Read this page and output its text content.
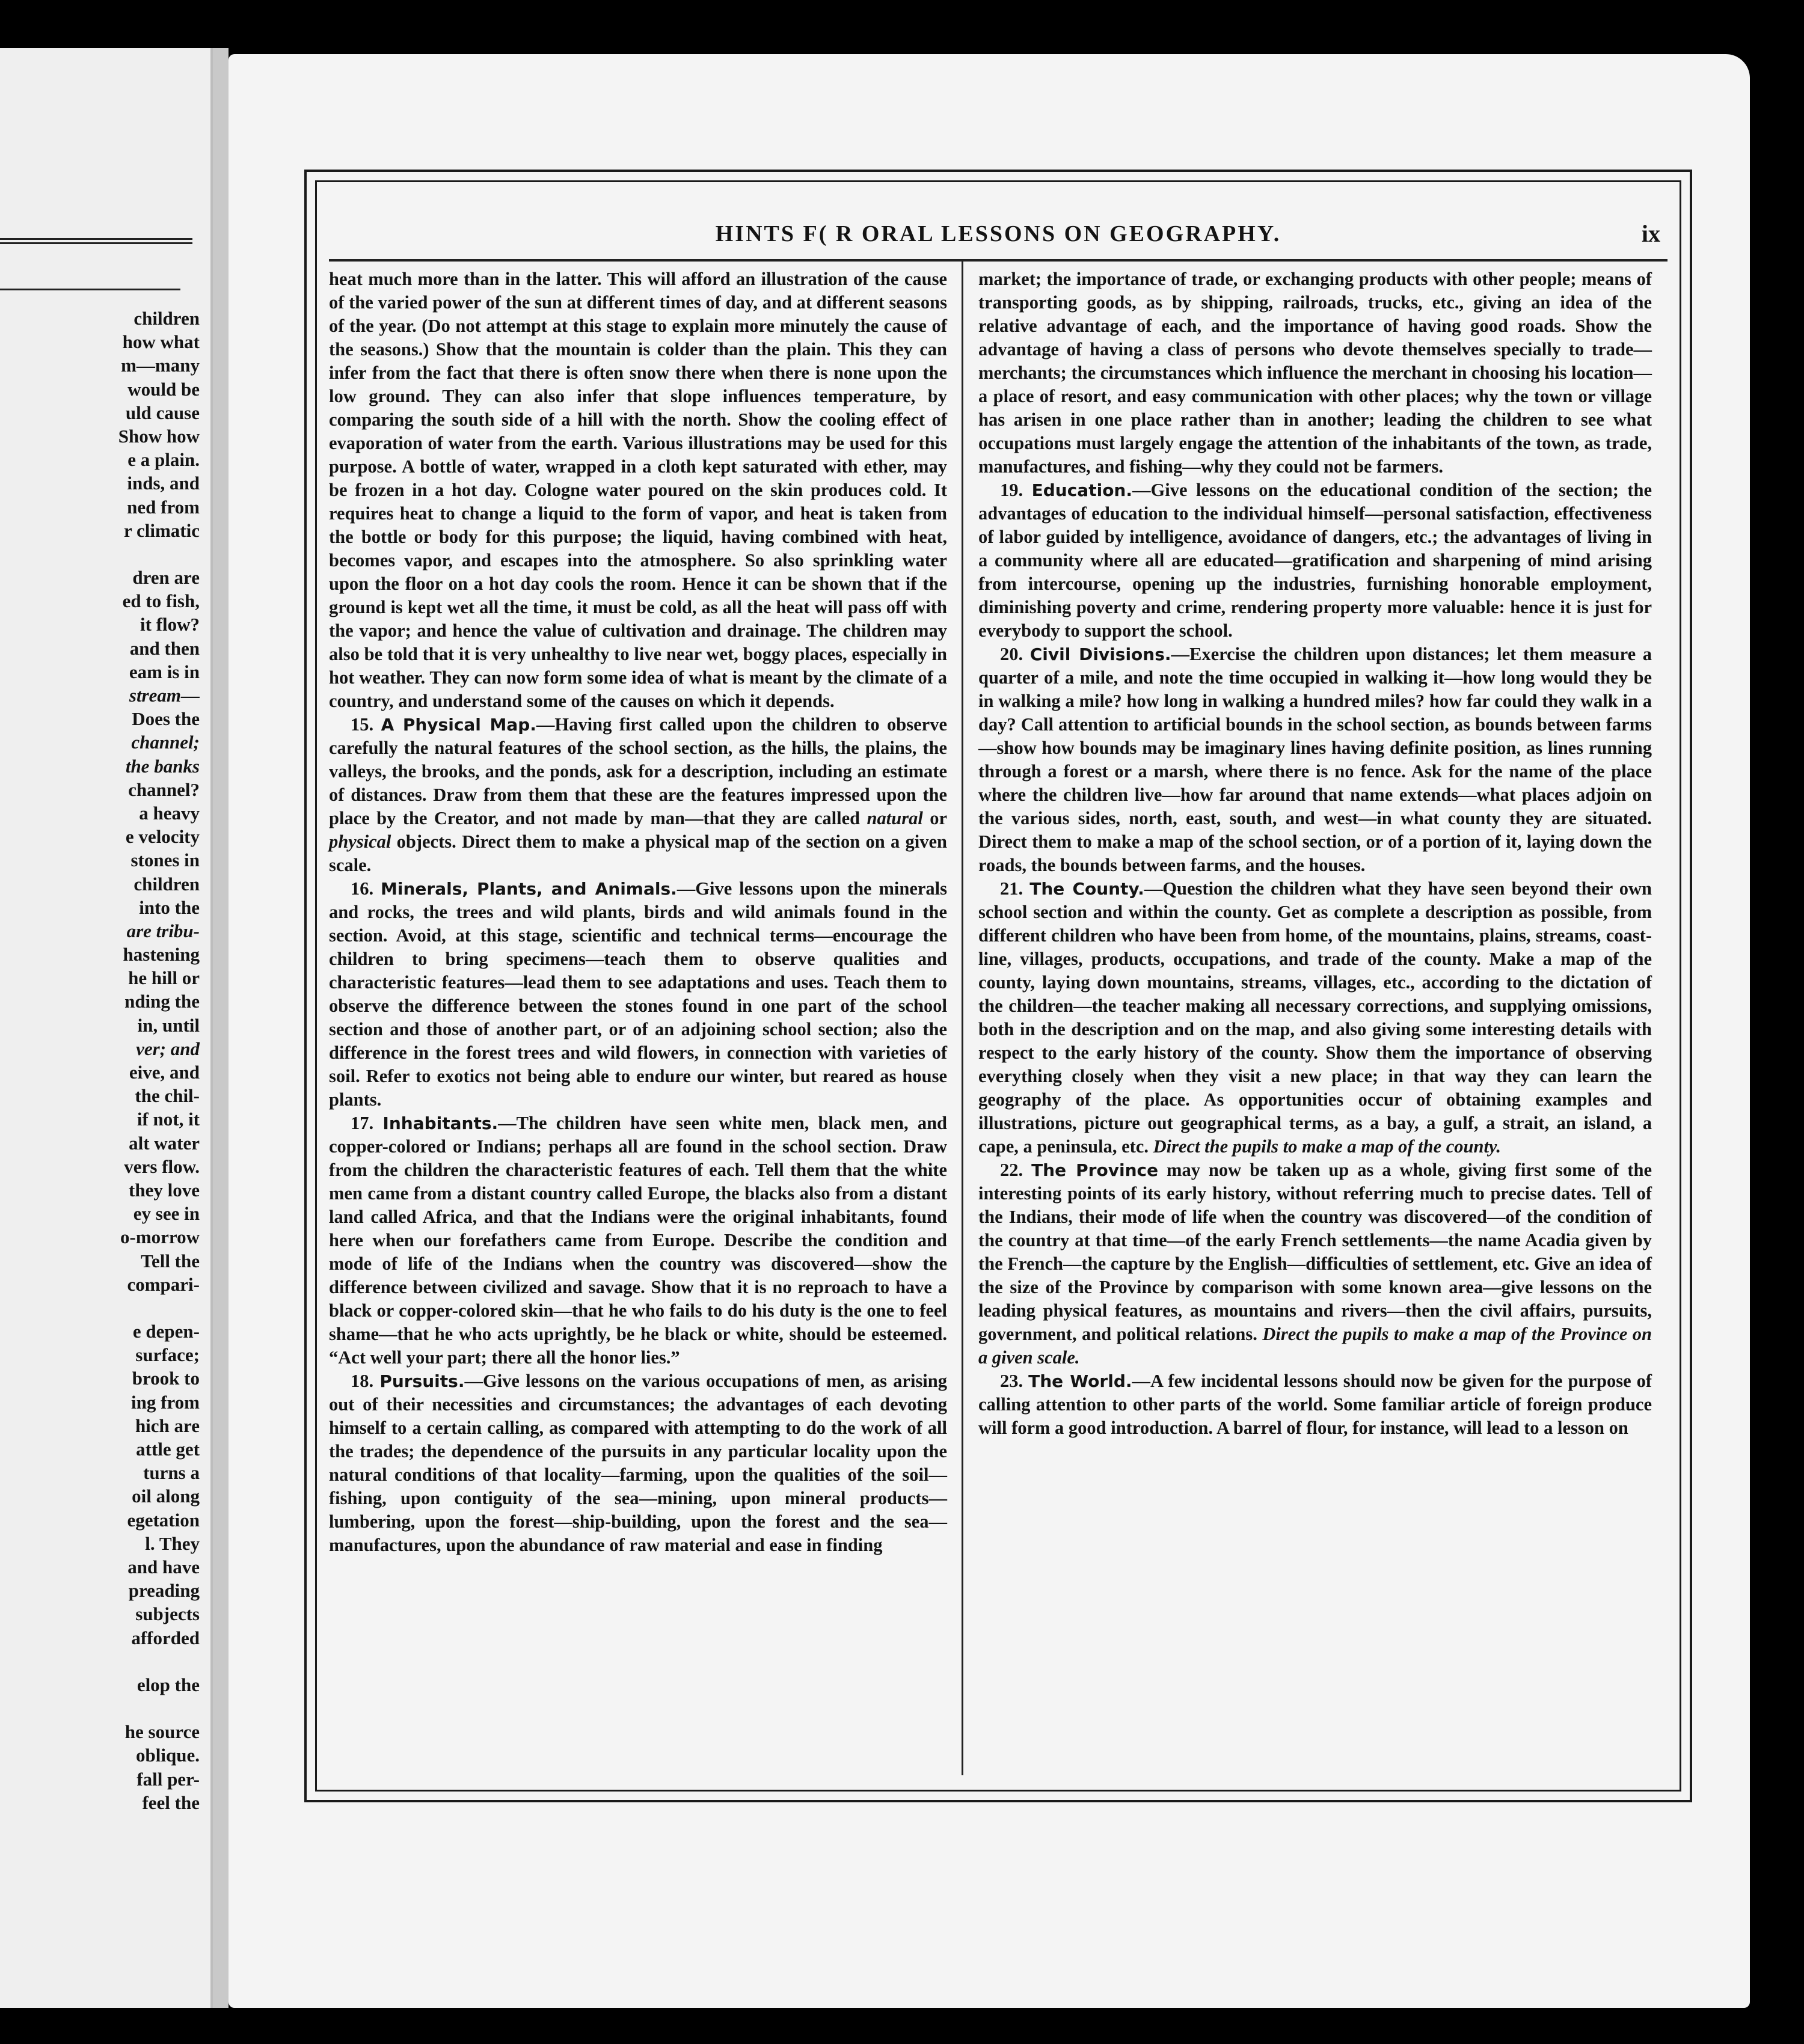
children
how what
m—many
would be
uld cause
Show how
e a plain.
inds, and
ned from
r climatic
dren are
ed to fish,
it flow?
and then
eam is in
stream—
Does the
channel;
the banks
channel?
a heavy
e velocity
stones in
children
into the
are tribu-
hastening
he hill or
nding the
in, until
ver; and
eive, and
the chil-
if not, it
alt water
vers flow.
they love
ey see in
o-morrow
Tell the
compari-
e depen-
surface;
brook to
ing from
hich are
attle get
turns a
oil along
egetation
l. They
and have
preading
subjects
afforded
elop the
he source
oblique.
fall per-
feel the
HINTS F( R ORAL LESSONS ON GEOGRAPHY.	ix

heat much more than in the latter. This will afford an illustration of the cause of the varied power of the sun at different times of day, and at different seasons of the year. (Do not attempt at this stage to explain more minutely the cause of the seasons.) Show that the mountain is colder than the plain. This they can infer from the fact that there is often snow there when there is none upon the low ground. They can also infer that slope influences temperature, by comparing the south side of a hill with the north. Show the cooling effect of evaporation of water from the earth. Various illustrations may be used for this purpose. A bottle of water, wrapped in a cloth kept saturated with ether, may be frozen in a hot day. Cologne water poured on the skin produces cold. It requires heat to change a liquid to the form of vapor, and heat is taken from the bottle or body for this purpose; the liquid, having combined with heat, becomes vapor, and escapes into the atmosphere. So also sprinkling water upon the floor on a hot day cools the room. Hence it can be shown that if the ground is kept wet all the time, it must be cold, as all the heat will pass off with the vapor; and hence the value of cultivation and drainage. The children may also be told that it is very unhealthy to live near wet, boggy places, especially in hot weather. They can now form some idea of what is meant by the climate of a country, and understand some of the causes on which it depends.

15. A Physical Map.—Having first called upon the children to observe carefully the natural features of the school section, as the hills, the plains, the valleys, the brooks, and the ponds, ask for a description, including an estimate of distances. Draw from them that these are the features impressed upon the place by the Creator, and not made by man—that they are called natural or physical objects. Direct them to make a physical map of the section on a given scale.

16. Minerals, Plants, and Animals.—Give lessons upon the minerals and rocks, the trees and wild plants, birds and wild animals found in the section. Avoid, at this stage, scientific and technical terms—encourage the children to bring specimens—teach them to observe qualities and characteristic features—lead them to see adaptations and uses. Teach them to observe the difference between the stones found in one part of the school section and those of another part, or of an adjoining school section; also the difference in the forest trees and wild flowers, in connection with varieties of soil. Refer to exotics not being able to endure our winter, but reared as house plants.

17. Inhabitants.—The children have seen white men, black men, and copper-colored or Indians; perhaps all are found in the school section. Draw from the children the characteristic features of each. Tell them that the white men came from a distant country called Europe, the blacks also from a distant land called Africa, and that the Indians were the original inhabitants, found here when our forefathers came from Europe. Describe the condition and mode of life of the Indians when the country was discovered—show the difference between civilized and savage. Show that it is no reproach to have a black or copper-colored skin—that he who fails to do his duty is the one to feel shame—that he who acts uprightly, be he black or white, should be esteemed. “Act well your part; there all the honor lies.”

18. Pursuits.—Give lessons on the various occupations of men, as arising out of their necessities and circumstances; the advantages of each devoting himself to a certain calling, as compared with attempting to do the work of all the trades; the dependence of the pursuits in any particular locality upon the natural conditions of that locality—farming, upon the qualities of the soil—fishing, upon contiguity of the sea—mining, upon mineral products—lumbering, upon the forest—ship-building, upon the forest and the sea—manufactures, upon the abundance of raw material and ease in finding

market; the importance of trade, or exchanging products with other people; means of transporting goods, as by shipping, railroads, trucks, etc., giving an idea of the relative advantage of each, and the importance of having good roads. Show the advantage of having a class of persons who devote themselves specially to trade—merchants; the circumstances which influence the merchant in choosing his location—a place of resort, and easy communication with other places; why the town or village has arisen in one place rather than in another; leading the children to see what occupations must largely engage the attention of the inhabitants of the town, as trade, manufactures, and fishing—why they could not be farmers.

19. Education.—Give lessons on the educational condition of the section; the advantages of education to the individual himself—personal satisfaction, effectiveness of labor guided by intelligence, avoidance of dangers, etc.; the advantages of living in a community where all are educated—gratification and sharpening of mind arising from intercourse, opening up the industries, furnishing honorable employment, diminishing poverty and crime, rendering property more valuable: hence it is just for everybody to support the school.

20. Civil Divisions.—Exercise the children upon distances; let them measure a quarter of a mile, and note the time occupied in walking it—how long would they be in walking a mile? how long in walking a hundred miles? how far could they walk in a day? Call attention to artificial bounds in the school section, as bounds between farms—show how bounds may be imaginary lines having definite position, as lines running through a forest or a marsh, where there is no fence. Ask for the name of the place where the children live—how far around that name extends—what places adjoin on the various sides, north, east, south, and west—in what county they are situated. Direct them to make a map of the school section, or of a portion of it, laying down the roads, the bounds between farms, and the houses.

21. The County.—Question the children what they have seen beyond their own school section and within the county. Get as complete a description as possible, from different children who have been from home, of the mountains, plains, streams, coast-line, villages, products, occupations, and trade of the county. Make a map of the county, laying down mountains, streams, villages, etc., according to the dictation of the children—the teacher making all necessary corrections, and supplying omissions, both in the description and on the map, and also giving some interesting details with respect to the early history of the county. Show them the importance of observing everything closely when they visit a new place; in that way they can learn the geography of the place. As opportunities occur of obtaining examples and illustrations, picture out geographical terms, as a bay, a gulf, a strait, an island, a cape, a peninsula, etc. Direct the pupils to make a map of the county.

22. The Province may now be taken up as a whole, giving first some of the interesting points of its early history, without referring much to precise dates. Tell of the Indians, their mode of life when the country was discovered—of the condition of the country at that time—of the early French settlements—the name Acadia given by the French—the capture by the English—difficulties of settlement, etc. Give an idea of the size of the Province by comparison with some known area—give lessons on the leading physical features, as mountains and rivers—then the civil affairs, pursuits, government, and political relations. Direct the pupils to make a map of the Province on a given scale.

23. The World.—A few incidental lessons should now be given for the purpose of calling attention to other parts of the world. Some familiar article of foreign produce will form a good introduction. A barrel of flour, for instance, will lead to a lesson on
